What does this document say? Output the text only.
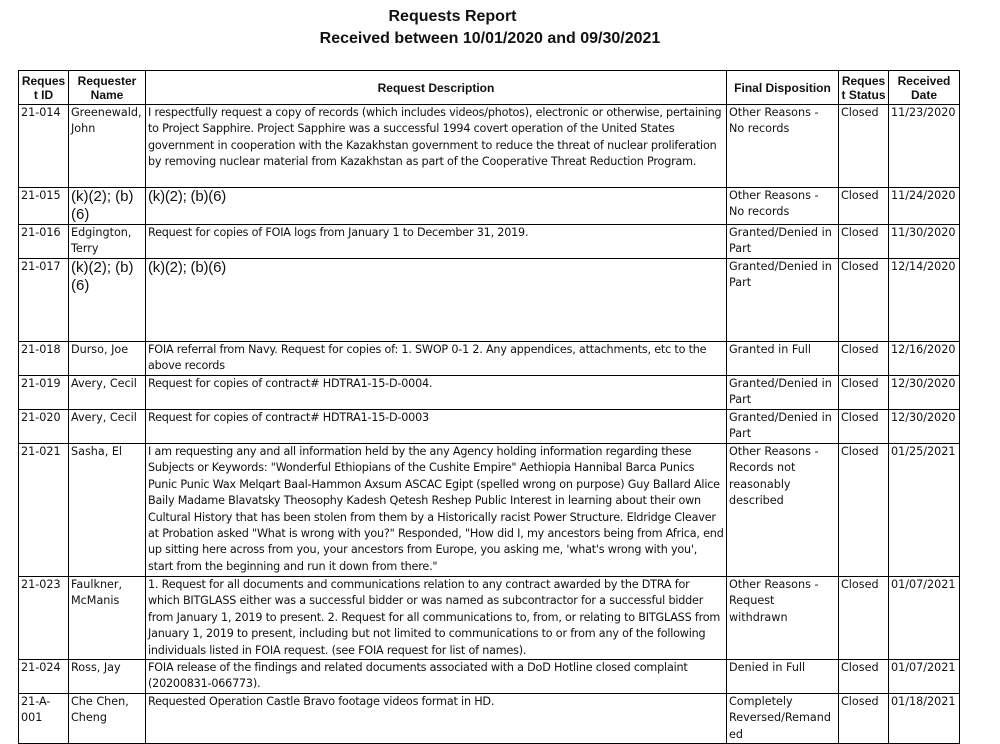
Requests Report
Received between 10/01/2020 and 09/30/2021
Request ID	Requester Name	Request Description	Final Disposition	Request Status	Received Date
21-014	Greenewald, John	I respectfully request a copy of records (which includes videos/photos), electronic or otherwise, pertaining to Project Sapphire. Project Sapphire was a successful 1994 covert operation of the United States government in cooperation with the Kazakhstan government to reduce the threat of nuclear proliferation by removing nuclear material from Kazakhstan as part of the Cooperative Threat Reduction Program.	Other Reasons - No records	Closed	11/23/2020
21-015	(k)(2); (b)(6)	(k)(2); (b)(6)	Other Reasons - No records	Closed	11/24/2020
21-016	Edgington, Terry	Request for copies of FOIA logs from January 1 to December 31, 2019.	Granted/Denied in Part	Closed	11/30/2020
21-017	(k)(2); (b)(6)	(k)(2); (b)(6)	Granted/Denied in Part	Closed	12/14/2020
21-018	Durso, Joe	FOIA referral from Navy. Request for copies of: 1. SWOP 0-1 2. Any appendices, attachments, etc to the above records	Granted in Full	Closed	12/16/2020
21-019	Avery, Cecil	Request for copies of contract# HDTRA1-15-D-0004.	Granted/Denied in Part	Closed	12/30/2020
21-020	Avery, Cecil	Request for copies of contract# HDTRA1-15-D-0003	Granted/Denied in Part	Closed	12/30/2020
21-021	Sasha, El	I am requesting any and all information held by the any Agency holding information regarding these Subjects or Keywords: "Wonderful Ethiopians of the Cushite Empire" Aethiopia Hannibal Barca Punics Punic Punic Wax Melqart Baal-Hammon Axsum ASCAC Egipt (spelled wrong on purpose) Guy Ballard Alice Baily Madame Blavatsky Theosophy Kadesh Qetesh Reshep Public Interest in learning about their own Cultural History that has been stolen from them by a Historically racist Power Structure. Eldridge Cleaver at Probation asked "What is wrong with you?" Responded, "How did I, my ancestors being from Africa, end up sitting here across from you, your ancestors from Europe, you asking me, 'what's wrong with you', start from the beginning and run it down from there."	Other Reasons - Records not reasonably described	Closed	01/25/2021
21-023	Faulkner, McManis	1. Request for all documents and communications relation to any contract awarded by the DTRA for which BITGLASS either was a successful bidder or was named as subcontractor for a successful bidder from January 1, 2019 to present. 2. Request for all communications to, from, or relating to BITGLASS from January 1, 2019 to present, including but not limited to communications to or from any of the following individuals listed in FOIA request. (see FOIA request for list of names).	Other Reasons - Request withdrawn	Closed	01/07/2021
21-024	Ross, Jay	FOIA release of the findings and related documents associated with a DoD Hotline closed complaint (20200831-066773).	Denied in Full	Closed	01/07/2021
21-A-001	Che Chen, Cheng	Requested Operation Castle Bravo footage videos format in HD.	Completely Reversed/Remanded	Closed	01/18/2021
